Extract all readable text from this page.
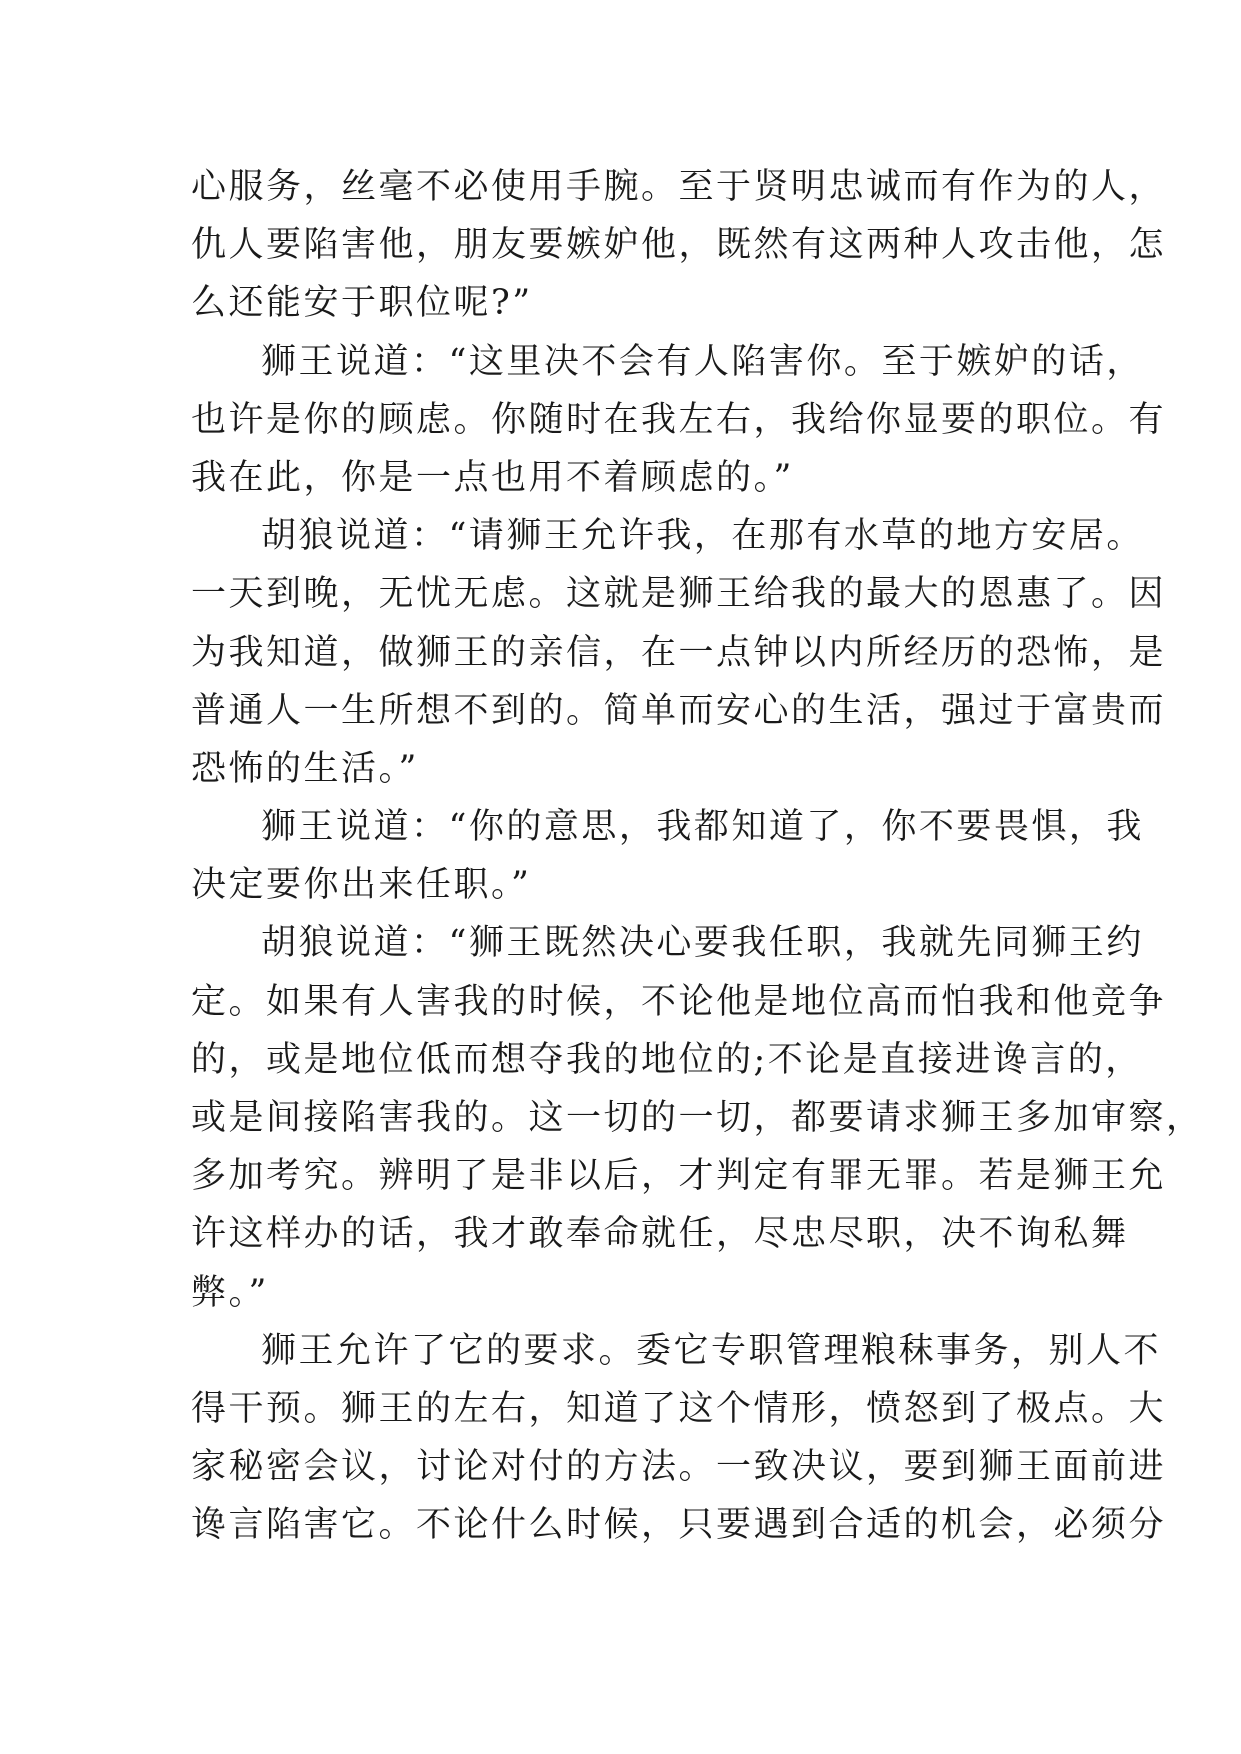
心服务，丝毫不必使用手腕。至于贤明忠诚而有作为的人，
仇人要陷害他，朋友要嫉妒他，既然有这两种人攻击他，怎
么还能安于职位呢?”
狮王说道：“这里决不会有人陷害你。至于嫉妒的话，
也许是你的顾虑。你随时在我左右，我给你显要的职位。有
我在此，你是一点也用不着顾虑的。”
胡狼说道：“请狮王允许我，在那有水草的地方安居。
一天到晚，无忧无虑。这就是狮王给我的最大的恩惠了。因
为我知道，做狮王的亲信，在一点钟以内所经历的恐怖，是
普通人一生所想不到的。简单而安心的生活，强过于富贵而
恐怖的生活。”
狮王说道：“你的意思，我都知道了，你不要畏惧，我
决定要你出来任职。”
胡狼说道：“狮王既然决心要我任职，我就先同狮王约
定。如果有人害我的时候，不论他是地位高而怕我和他竞争
的，或是地位低而想夺我的地位的;不论是直接进谗言的，
或是间接陷害我的。这一切的一切，都要请求狮王多加审察，
多加考究。辨明了是非以后，才判定有罪无罪。若是狮王允
许这样办的话，我才敢奉命就任，尽忠尽职，决不询私舞
弊。”
狮王允许了它的要求。委它专职管理粮秣事务，别人不
得干预。狮王的左右，知道了这个情形，愤怒到了极点。大
家秘密会议，讨论对付的方法。一致决议，要到狮王面前进
谗言陷害它。不论什么时候，只要遇到合适的机会，必须分
